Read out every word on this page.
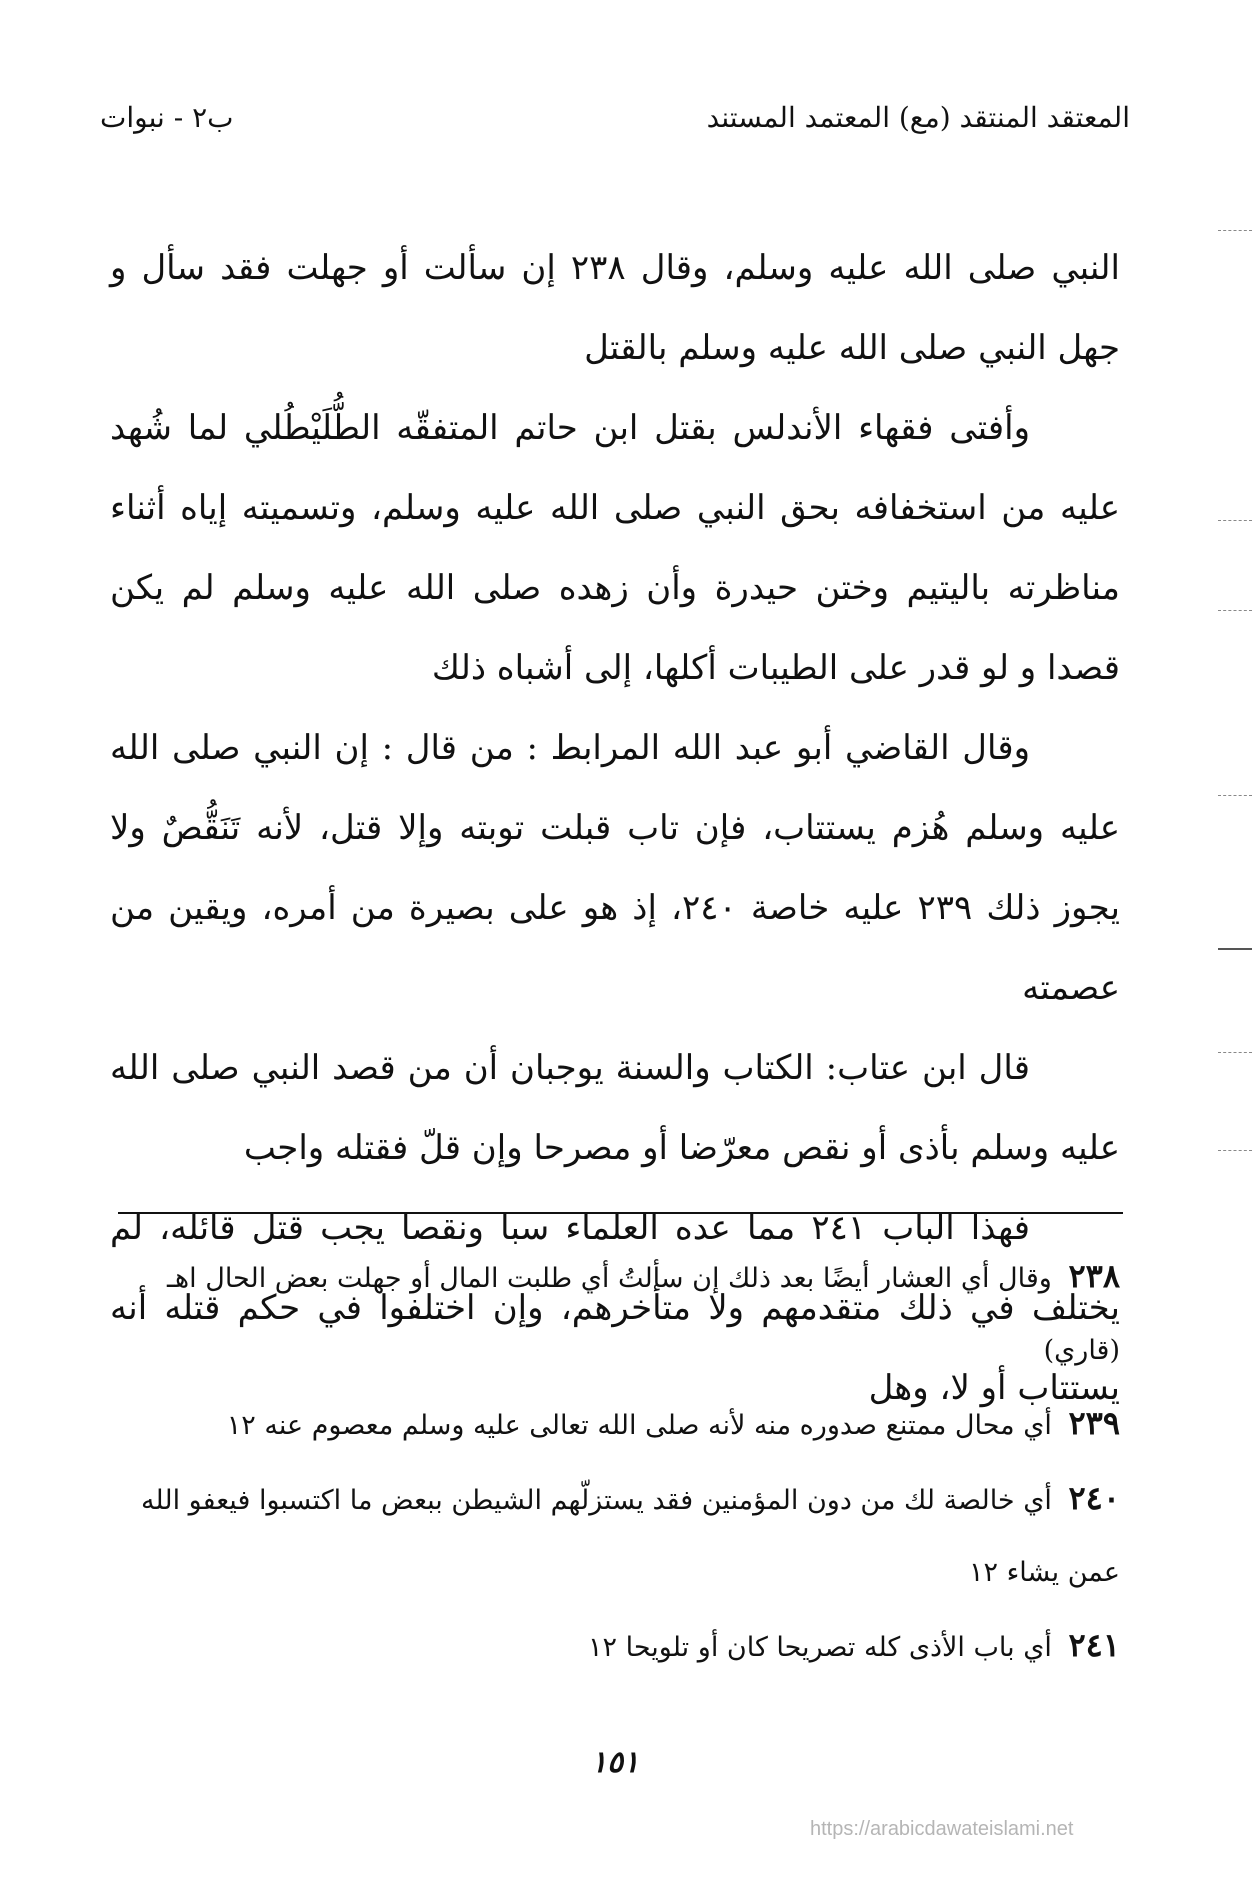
المعتقد المنتقد (مع) المعتمد المستند
ب٢ - نبوات

النبي صلى الله عليه وسلم، وقال ٢٣٨ إن سألت أو جهلت فقد سأل و جهل النبي صلى الله عليه وسلم بالقتل

وأفتى فقهاء الأندلس بقتل ابن حاتم المتفقّه الطُّلَيْطُلي لما شُهد عليه من استخفافه بحق النبي صلى الله عليه وسلم، وتسميته إياه أثناء مناظرته باليتيم وختن حيدرة وأن زهده صلى الله عليه وسلم لم يكن قصدا و لو قدر على الطيبات أكلها، إلى أشباه ذلك

وقال القاضي أبو عبد الله المرابط : من قال : إن النبي صلى الله عليه وسلم هُزم يستتاب، فإن تاب قبلت توبته وإلا قتل، لأنه تَنَقُّصٌ ولا يجوز ذلك ٢٣٩ عليه خاصة ٢٤٠، إذ هو على بصيرة من أمره، ويقين من عصمته

قال ابن عتاب: الكتاب والسنة يوجبان أن من قصد النبي صلى الله عليه وسلم بأذى أو نقص معرّضا أو مصرحا وإن قلّ فقتله واجب

فهذا الباب ٢٤١ مما عده العلماء سبا ونقصا يجب قتل قائله، لم يختلف في ذلك متقدمهم ولا متأخرهم، وإن اختلفوا في حكم قتله أنه يستتاب أو لا، وهل

٢٣٨ وقال أي العشار أيضًا بعد ذلك إن سألتُ أي طلبت المال أو جهلت بعض الحال اهـ (قاري)

٢٣٩ أي محال ممتنع صدوره منه لأنه صلى الله تعالى عليه وسلم معصوم عنه ١٢

٢٤٠ أي خالصة لك من دون المؤمنين فقد يستزلّهم الشيطن ببعض ما اكتسبوا فيعفو الله عمن يشاء ١٢

٢٤١ أي باب الأذى كله تصريحا كان أو تلويحا ١٢

١٥١
https://arabicdawateislami.net
